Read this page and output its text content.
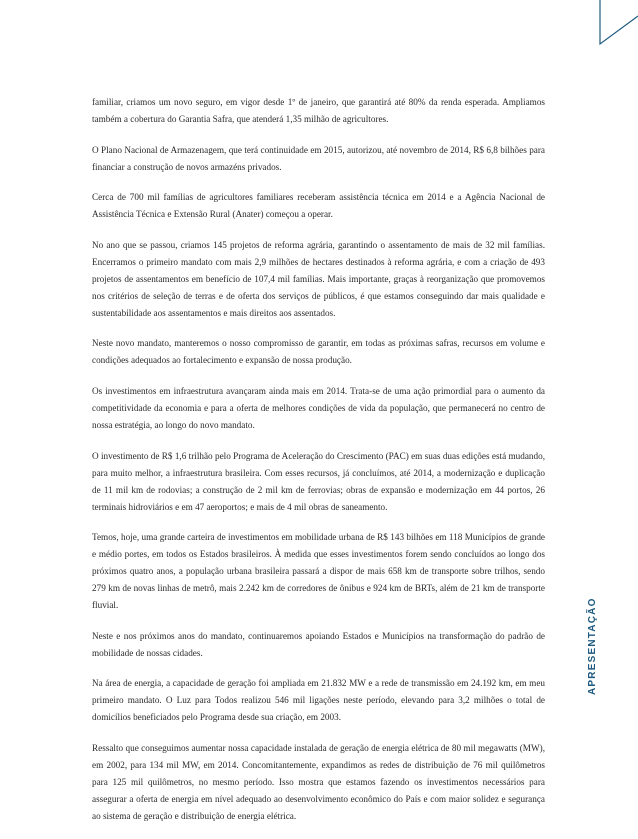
familiar, criamos um novo seguro, em vigor desde 1º de janeiro, que garantirá até 80% da renda esperada. Ampliamos também a cobertura do Garantia Safra, que atenderá 1,35 milhão de agricultores.

O Plano Nacional de Armazenagem, que terá continuidade em 2015, autorizou, até novembro de 2014, R$ 6,8 bilhões para financiar a construção de novos armazéns privados.

Cerca de 700 mil famílias de agricultores familiares receberam assistência técnica em 2014 e a Agência Nacional de Assistência Técnica e Extensão Rural (Anater) começou a operar.

No ano que se passou, criamos 145 projetos de reforma agrária, garantindo o assentamento de mais de 32 mil famílias. Encerramos o primeiro mandato com mais 2,9 milhões de hectares destinados à reforma agrária, e com a criação de 493 projetos de assentamentos em benefício de 107,4 mil famílias. Mais importante, graças à reorganização que promovemos nos critérios de seleção de terras e de oferta dos serviços de públicos, é que estamos conseguindo dar mais qualidade e sustentabilidade aos assentamentos e mais direitos aos assentados.

Neste novo mandato, manteremos o nosso compromisso de garantir, em todas as próximas safras, recursos em volume e condições adequados ao fortalecimento e expansão de nossa produção.

Os investimentos em infraestrutura avançaram ainda mais em 2014. Trata-se de uma ação primordial para o aumento da competitividade da economia e para a oferta de melhores condições de vida da população, que permanecerá no centro de nossa estratégia, ao longo do novo mandato.

O investimento de R$ 1,6 trilhão pelo Programa de Aceleração do Crescimento (PAC) em suas duas edições está mudando, para muito melhor, a infraestrutura brasileira. Com esses recursos, já concluímos, até 2014, a modernização e duplicação de 11 mil km de rodovias; a construção de 2 mil km de ferrovias; obras de expansão e modernização em 44 portos, 26 terminais hidroviários e em 47 aeroportos; e mais de 4 mil obras de saneamento.

Temos, hoje, uma grande carteira de investimentos em mobilidade urbana de R$ 143 bilhões em 118 Municípios de grande e médio portes, em todos os Estados brasileiros. À medida que esses investimentos forem sendo concluídos ao longo dos próximos quatro anos, a população urbana brasileira passará a dispor de mais 658 km de transporte sobre trilhos, sendo 279 km de novas linhas de metrô, mais 2.242 km de corredores de ônibus e 924 km de BRTs, além de 21 km de transporte fluvial.

Neste e nos próximos anos do mandato, continuaremos apoiando Estados e Municípios na transformação do padrão de mobilidade de nossas cidades.

Na área de energia, a capacidade de geração foi ampliada em 21.832 MW e a rede de transmissão em 24.192 km, em meu primeiro mandato. O Luz para Todos realizou 546 mil ligações neste período, elevando para 3,2 milhões o total de domicílios beneficiados pelo Programa desde sua criação, em 2003.

Ressalto que conseguimos aumentar nossa capacidade instalada de geração de energia elétrica de 80 mil megawatts (MW), em 2002, para 134 mil MW, em 2014. Concomitantemente, expandimos as redes de distribuição de 76 mil quilômetros para 125 mil quilômetros, no mesmo período. Isso mostra que estamos fazendo os investimentos necessários para assegurar a oferta de energia em nível adequado ao desenvolvimento econômico do País e com maior solidez e segurança ao sistema de geração e distribuição de energia elétrica.

APRESENTAÇÃO
